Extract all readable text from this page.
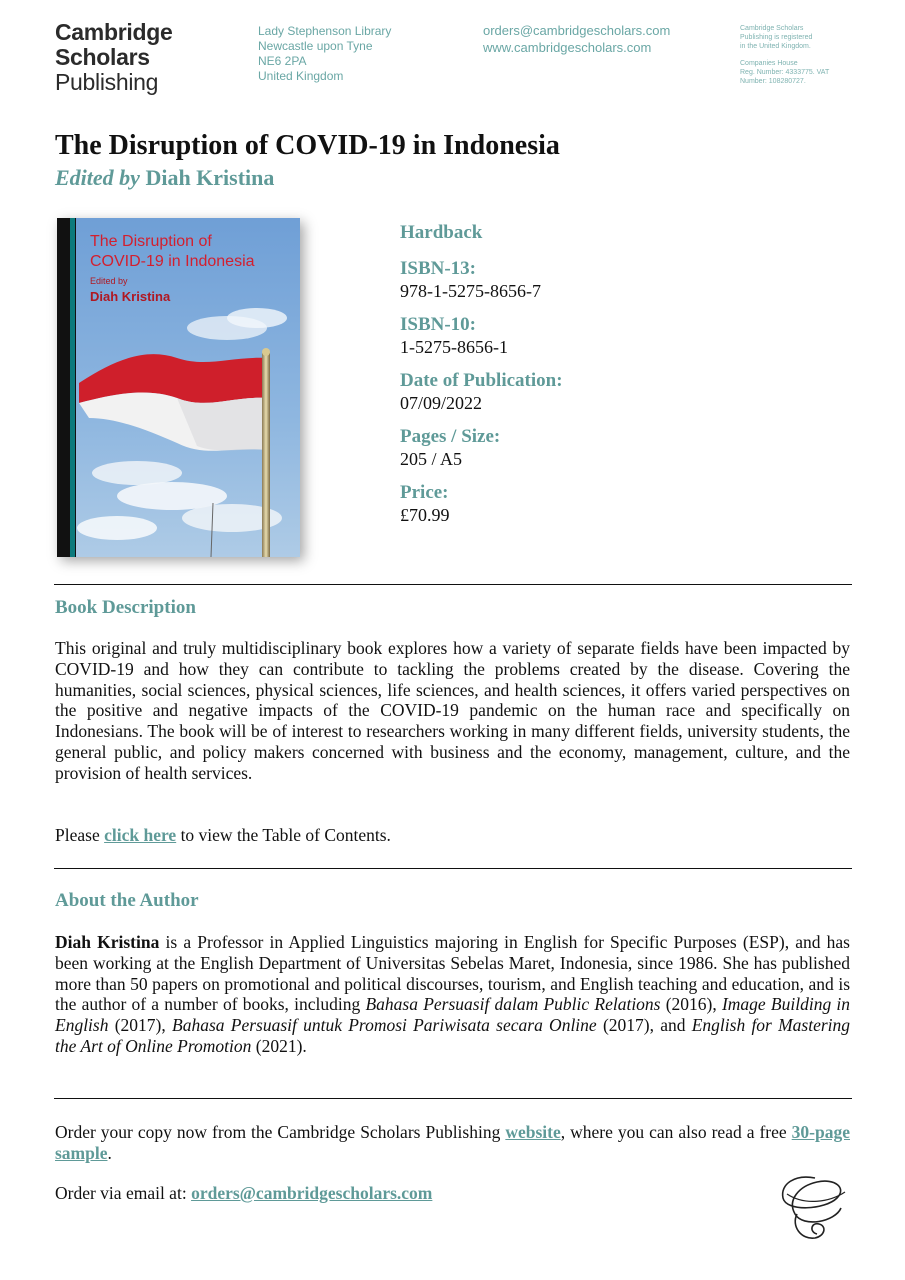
Cambridge
Scholars
Publishing
Lady Stephenson Library
Newcastle upon Tyne
NE6 2PA
United Kingdom
orders@cambridgescholars.com
www.cambridgescholars.com
Cambridge Scholars
Publishing is registered
in the United Kingdom.
Companies House
Reg. Number: 4333775. VAT
Number: 108280727.
The Disruption of COVID-19 in Indonesia
Edited by Diah Kristina
The Disruption of
COVID-19 in Indonesia
Edited by
Diah Kristina
Hardback
ISBN-13:
978-1-5275-8656-7
ISBN-10:
1-5275-8656-1
Date of Publication:
07/09/2022
Pages / Size:
205 / A5
Price:
£70.99
Book Description
This original and truly multidisciplinary book explores how a variety of separate fields have been impacted by COVID-19 and how they can contribute to tackling the problems created by the disease. Covering the humanities, social sciences, physical sciences, life sciences, and health sciences, it offers varied perspectives on the positive and negative impacts of the COVID-19 pandemic on the human race and specifically on Indonesians. The book will be of interest to researchers working in many different fields, university students, the general public, and policy makers concerned with business and the economy, management, culture, and the provision of health services.
Please click here to view the Table of Contents.
About the Author
Diah Kristina is a Professor in Applied Linguistics majoring in English for Specific Purposes (ESP), and has been working at the English Department of Universitas Sebelas Maret, Indonesia, since 1986. She has published more than 50 papers on promotional and political discourses, tourism, and English teaching and education, and is the author of a number of books, including Bahasa Persuasif dalam Public Relations (2016), Image Building in English (2017), Bahasa Persuasif untuk Promosi Pariwisata secara Online (2017), and English for Mastering the Art of Online Promotion (2021).
Order your copy now from the Cambridge Scholars Publishing website, where you can also read a free 30-page sample.
Order via email at: orders@cambridgescholars.com
